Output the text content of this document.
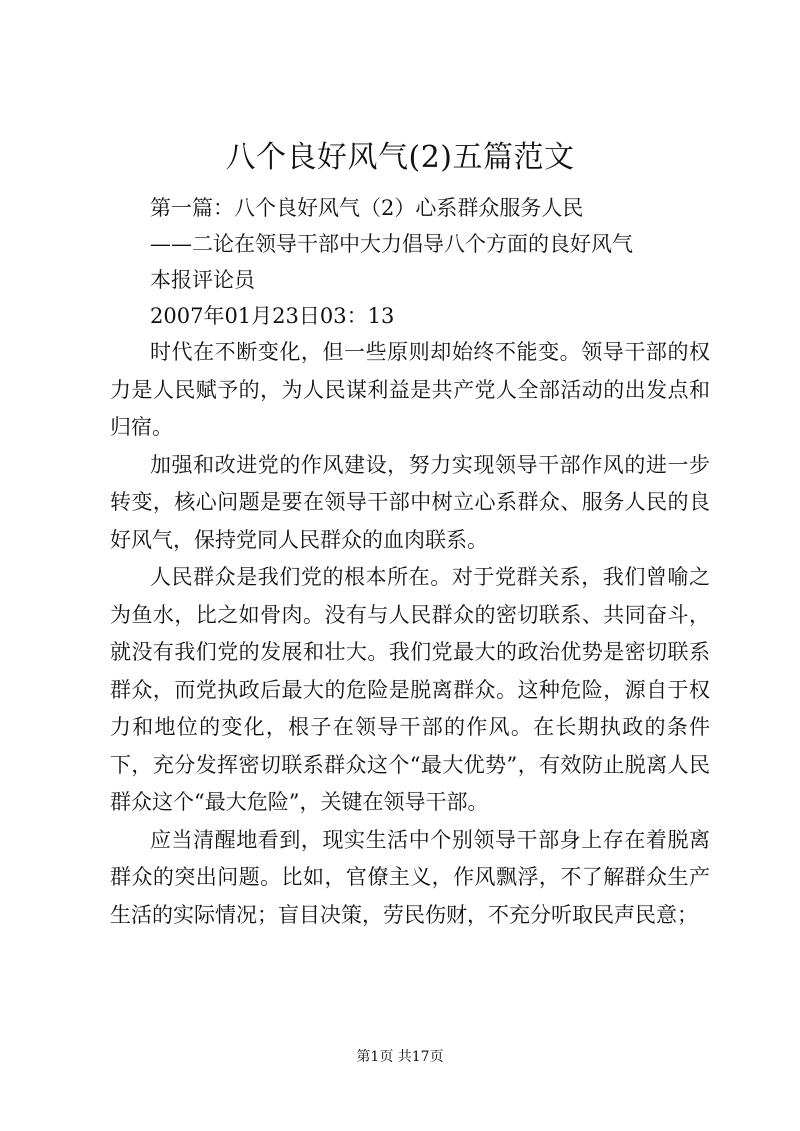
八个良好风气(2)五篇范文

第一篇：八个良好风气（2）心系群众服务人民

——二论在领导干部中大力倡导八个方面的良好风气

本报评论员

2007年01月23日03：13

时代在不断变化，但一些原则却始终不能变。领导干部的权力是人民赋予的，为人民谋利益是共产党人全部活动的出发点和归宿。

加强和改进党的作风建设，努力实现领导干部作风的进一步转变，核心问题是要在领导干部中树立心系群众、服务人民的良好风气，保持党同人民群众的血肉联系。

人民群众是我们党的根本所在。对于党群关系，我们曾喻之为鱼水，比之如骨肉。没有与人民群众的密切联系、共同奋斗，就没有我们党的发展和壮大。我们党最大的政治优势是密切联系群众，而党执政后最大的危险是脱离群众。这种危险，源自于权力和地位的变化，根子在领导干部的作风。在长期执政的条件下，充分发挥密切联系群众这个“最大优势”，有效防止脱离人民群众这个“最大危险”，关键在领导干部。

应当清醒地看到，现实生活中个别领导干部身上存在着脱离群众的突出问题。比如，官僚主义，作风飘浮，不了解群众生产生活的实际情况；盲目决策，劳民伤财，不充分听取民声民意；

第1页 共17页
